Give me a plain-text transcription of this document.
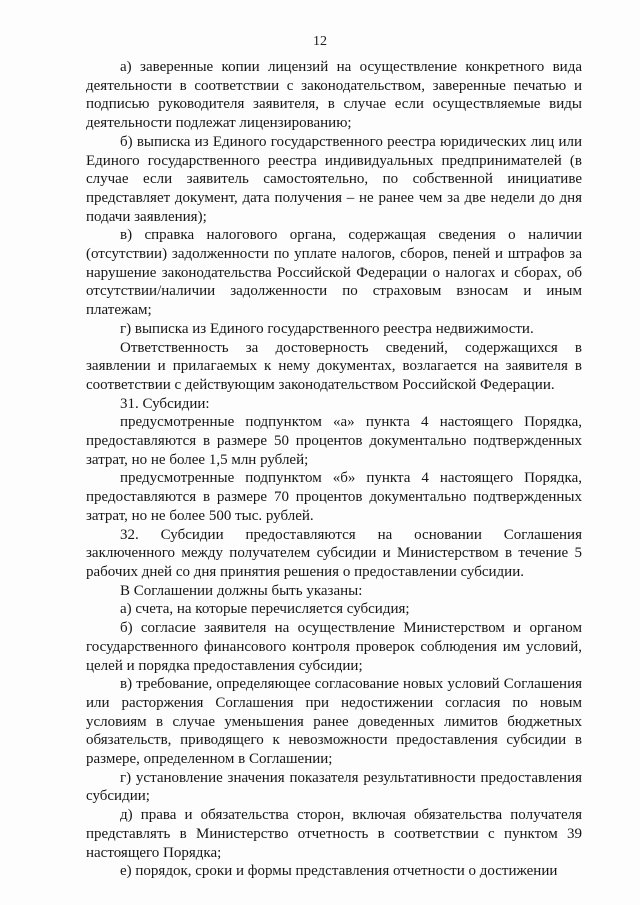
12

а) заверенные копии лицензий на осуществление конкретного вида деятельности в соответствии с законодательством, заверенные печатью и подписью руководителя заявителя, в случае если осуществляемые виды деятельности подлежат лицензированию;

б) выписка из Единого государственного реестра юридических лиц или Единого государственного реестра индивидуальных предпринимателей (в случае если заявитель самостоятельно, по собственной инициативе представляет документ, дата получения – не ранее чем за две недели до дня подачи заявления);

в) справка налогового органа, содержащая сведения о наличии (отсутствии) задолженности по уплате налогов, сборов, пеней и штрафов за нарушение законодательства Российской Федерации о налогах и сборах, об отсутствии/наличии задолженности по страховым взносам и иным платежам;

г) выписка из Единого государственного реестра недвижимости.

Ответственность за достоверность сведений, содержащихся в заявлении и прилагаемых к нему документах, возлагается на заявителя в соответствии с действующим законодательством Российской Федерации.

31. Субсидии:

предусмотренные подпунктом «а» пункта 4 настоящего Порядка, предоставляются в размере 50 процентов документально подтвержденных затрат, но не более 1,5 млн рублей;

предусмотренные подпунктом «б» пункта 4 настоящего Порядка, предоставляются в размере 70 процентов документально подтвержденных затрат, но не более 500 тыс. рублей.

32. Субсидии предоставляются на основании Соглашения заключенного между получателем субсидии и Министерством в течение 5 рабочих дней со дня принятия решения о предоставлении субсидии.

В Соглашении должны быть указаны:

а) счета, на которые перечисляется субсидия;

б) согласие заявителя на осуществление Министерством и органом государственного финансового контроля проверок соблюдения им условий, целей и порядка предоставления субсидии;

в) требование, определяющее согласование новых условий Соглашения или расторжения Соглашения при недостижении согласия по новым условиям в случае уменьшения ранее доведенных лимитов бюджетных обязательств, приводящего к невозможности предоставления субсидии в размере, определенном в Соглашении;

г) установление значения показателя результативности предоставления субсидии;

д) права и обязательства сторон, включая обязательства получателя представлять в Министерство отчетность в соответствии с пунктом 39 настоящего Порядка;

е) порядок, сроки и формы представления отчетности о достижении
